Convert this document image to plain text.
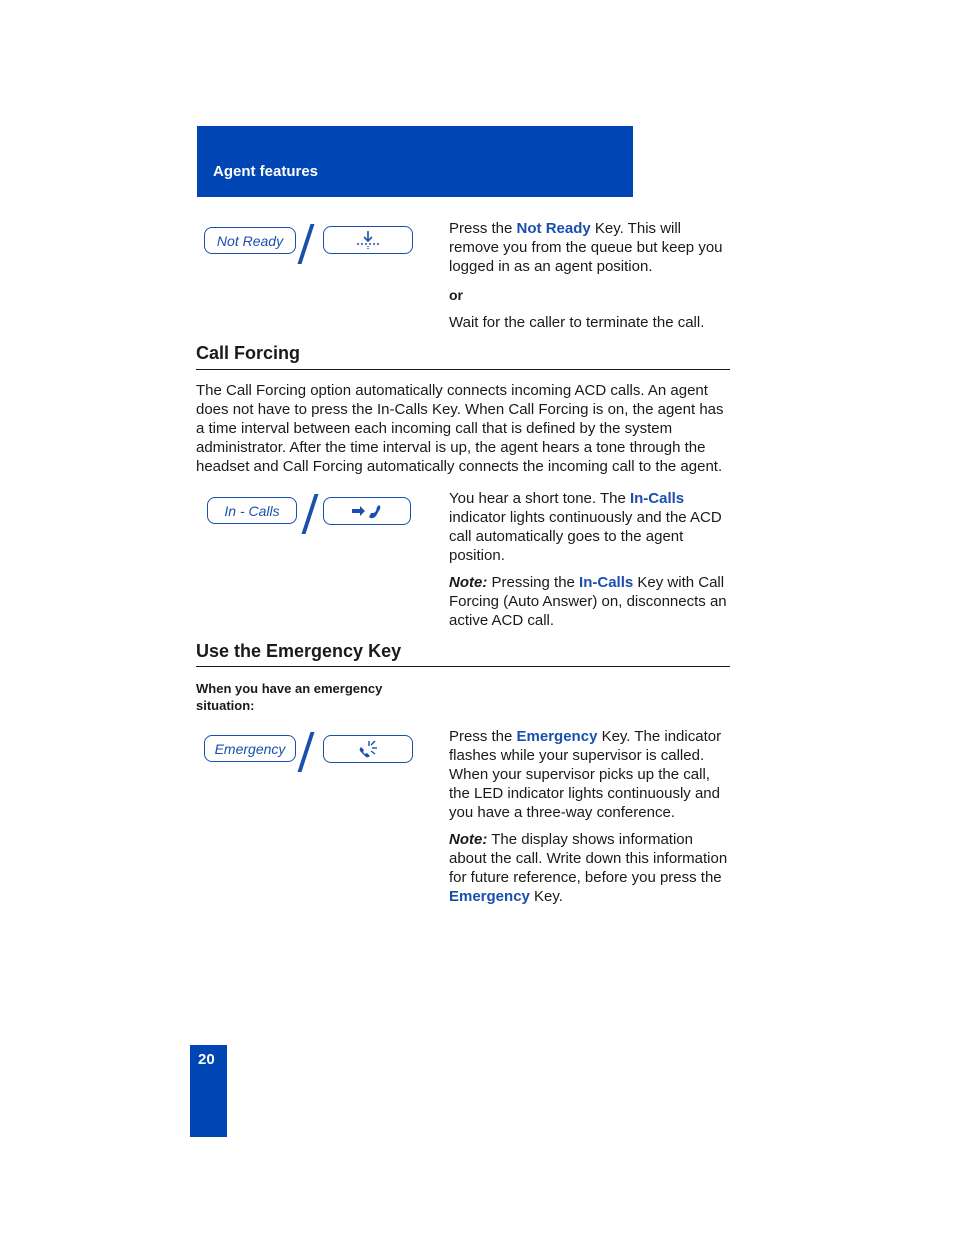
Agent features
Not Ready
Press the Not Ready Key. This will remove you from the queue but keep you logged in as an agent position.
or
Wait for the caller to terminate the call.
Call Forcing
The Call Forcing option automatically connects incoming ACD calls. An agent does not have to press the In-Calls Key. When Call Forcing is on, the agent has a time interval between each incoming call that is defined by the system administrator. After the time interval is up, the agent hears a tone through the headset and Call Forcing automatically connects the incoming call to the agent.
In - Calls
You hear a short tone. The In-Calls indicator lights continuously and the ACD call automatically goes to the agent position.
Note: Pressing the In-Calls Key with Call Forcing (Auto Answer) on, disconnects an active ACD call.
Use the Emergency Key
When you have an emergency situation:
Emergency
Press the Emergency Key. The indicator flashes while your supervisor is called. When your supervisor picks up the call, the LED indicator lights continuously and you have a three-way conference.
Note: The display shows information about the call. Write down this information for future reference, before you press the Emergency Key.
20
